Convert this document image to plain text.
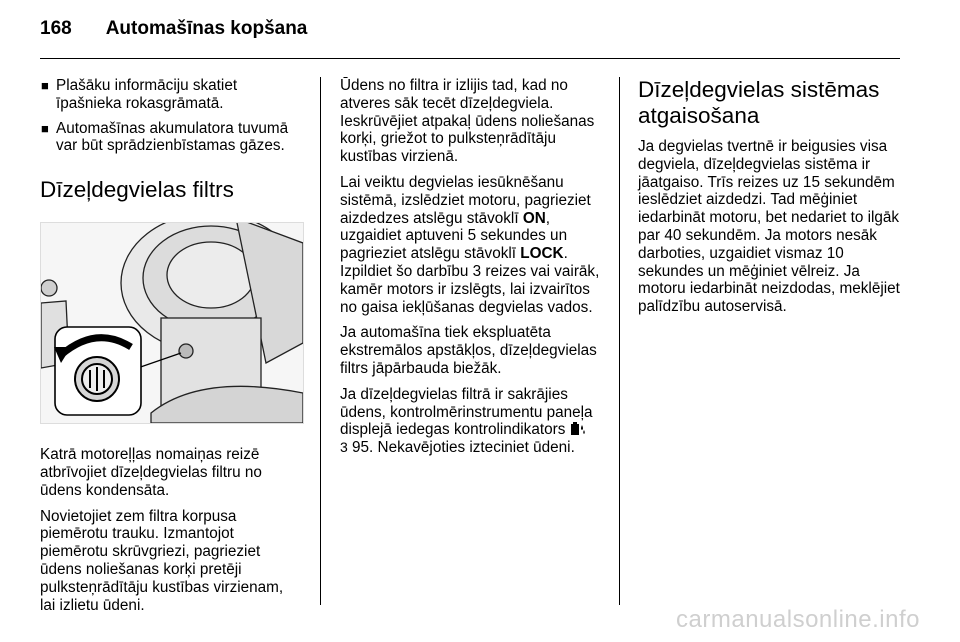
168 Automašīnas kopšana
■ Plašāku informāciju skatiet īpašnieka rokasgrāmatā.
■ Automašīnas akumulatora tuvumā var būt sprādzienbīstamas gāzes.
Dīzeļdegvielas filtrs

Katrā motoreļļas nomaiņas reizē atbrīvojiet dīzeļdegvielas filtru no ūdens kondensāta.

Novietojiet zem filtra korpusa piemērotu trauku. Izmantojot piemērotu skrūvgriezi, pagrieziet ūdens noliešanas korķi pretēji pulksteņrādītāju kustības virzienam, lai izlietu ūdeni.

Ūdens no filtra ir izlijis tad, kad no atveres sāk tecēt dīzeļdegviela. Ieskrūvējiet atpakaļ ūdens noliešanas korķi, griežot to pulksteņrādītāju kustības virzienā.

Lai veiktu degvielas iesūknēšanu sistēmā, izslēdziet motoru, pagrieziet aizdedzes atslēgu stāvoklī ON, uzgaidiet aptuveni 5 sekundes un pagrieziet atslēgu stāvoklī LOCK. Izpildiet šo darbību 3 reizes vai vairāk, kamēr motors ir izslēgts, lai izvairītos no gaisa iekļūšanas degvielas vados.

Ja automašīna tiek ekspluatēta ekstremālos apstākļos, dīzeļdegvielas filtrs jāpārbauda biežāk.

Ja dīzeļdegvielas filtrā ir sakrājies ūdens, kontrolmērinstrumentu paneļa displejā iedegas kontrolindikators
3 95. Nekavējoties izteciniet ūdeni.

Dīzeļdegvielas sistēmas atgaisošana

Ja degvielas tvertnē ir beigusies visa degviela, dīzeļdegvielas sistēma ir jāatgaiso. Trīs reizes uz 15 sekundēm ieslēdziet aizdedzi. Tad mēģiniet iedarbināt motoru, bet nedariet to ilgāk par 40 sekundēm. Ja motors nesāk darboties, uzgaidiet vismaz 10 sekundes un mēģiniet vēlreiz. Ja motoru iedarbināt neizdodas, meklējiet palīdzību autoservisā.

carmanualsonline.info
